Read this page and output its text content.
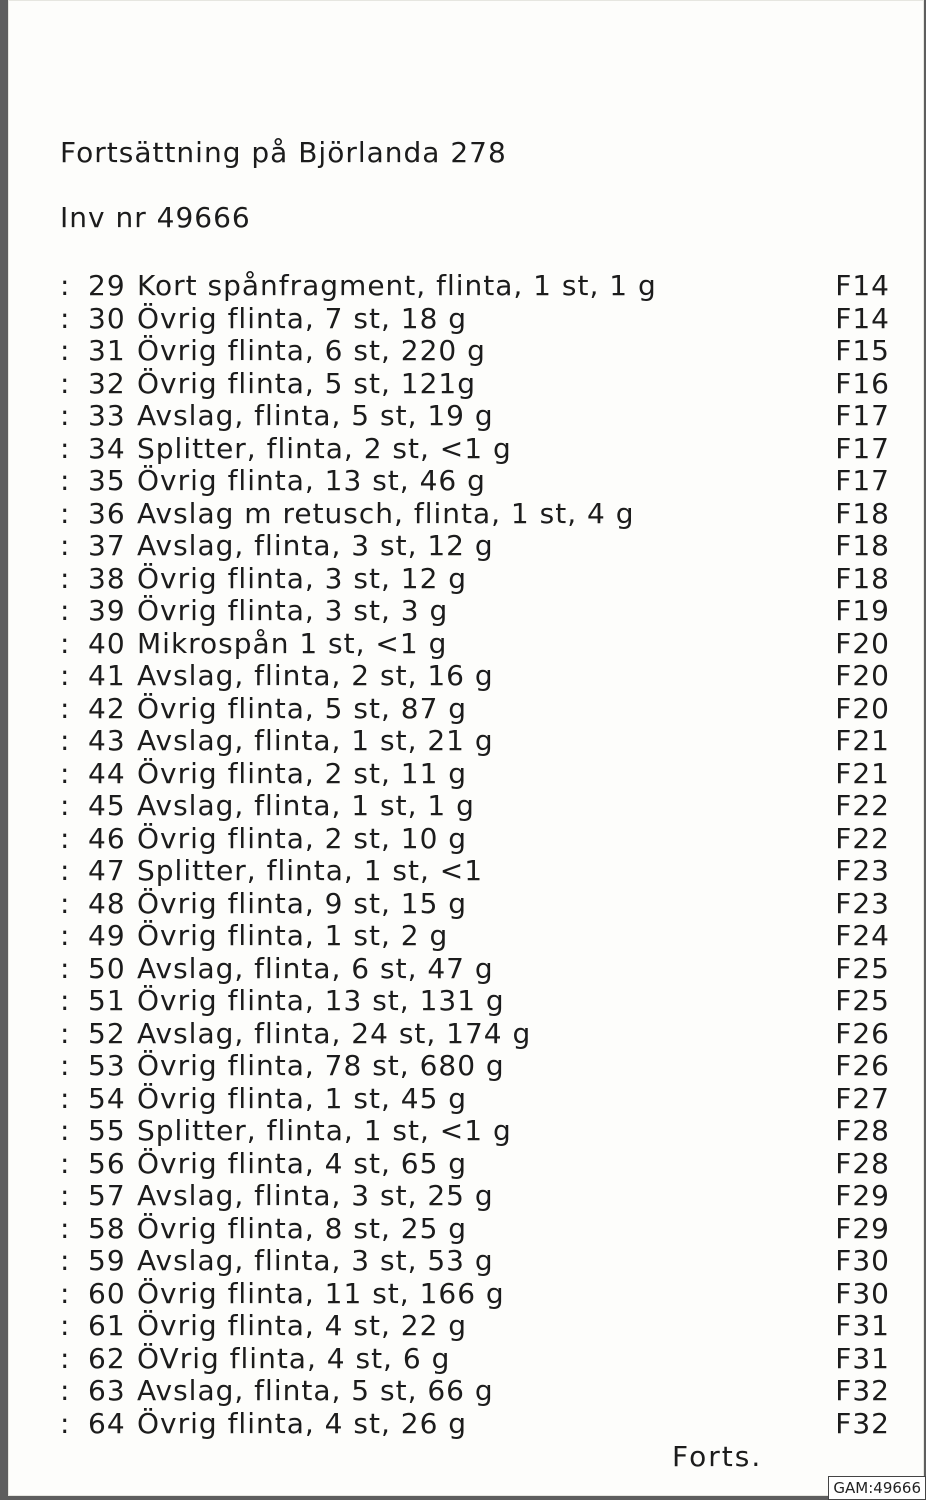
Fortsättning på Björlanda 278
Inv nr 49666
: 29 Kort spånfragment, flinta, 1 st, 1 g	F14
: 30 Övrig flinta, 7 st, 18 g	F14
: 31 Övrig flinta, 6 st, 220 g	F15
: 32 Övrig flinta, 5 st, 121g	F16
: 33 Avslag, flinta, 5 st, 19 g	F17
: 34 Splitter, flinta, 2 st, <1 g	F17
: 35 Övrig flinta, 13 st, 46 g	F17
: 36 Avslag m retusch, flinta, 1 st, 4 g	F18
: 37 Avslag, flinta, 3 st, 12 g	F18
: 38 Övrig flinta, 3 st, 12 g	F18
: 39 Övrig flinta, 3 st, 3 g	F19
: 40 Mikrospån 1 st, <1 g	F20
: 41 Avslag, flinta, 2 st, 16 g	F20
: 42 Övrig flinta, 5 st, 87 g	F20
: 43 Avslag, flinta, 1 st, 21 g	F21
: 44 Övrig flinta, 2 st, 11 g	F21
: 45 Avslag, flinta, 1 st, 1 g	F22
: 46 Övrig flinta, 2 st, 10 g	F22
: 47 Splitter, flinta, 1 st, <1	F23
: 48 Övrig flinta, 9 st, 15 g	F23
: 49 Övrig flinta, 1 st, 2 g	F24
: 50 Avslag, flinta, 6 st, 47 g	F25
: 51 Övrig flinta, 13 st, 131 g	F25
: 52 Avslag, flinta, 24 st, 174 g	F26
: 53 Övrig flinta, 78 st, 680 g	F26
: 54 Övrig flinta, 1 st, 45 g	F27
: 55 Splitter, flinta, 1 st, <1 g	F28
: 56 Övrig flinta, 4 st, 65 g	F28
: 57 Avslag, flinta, 3 st, 25 g	F29
: 58 Övrig flinta, 8 st, 25 g	F29
: 59 Avslag, flinta, 3 st, 53 g	F30
: 60 Övrig flinta, 11 st, 166 g	F30
: 61 Övrig flinta, 4 st, 22 g	F31
: 62 ÖVrig flinta, 4 st, 6 g	F31
: 63 Avslag, flinta, 5 st, 66 g	F32
: 64 Övrig flinta, 4 st, 26 g	F32
Forts.
GAM:49666
